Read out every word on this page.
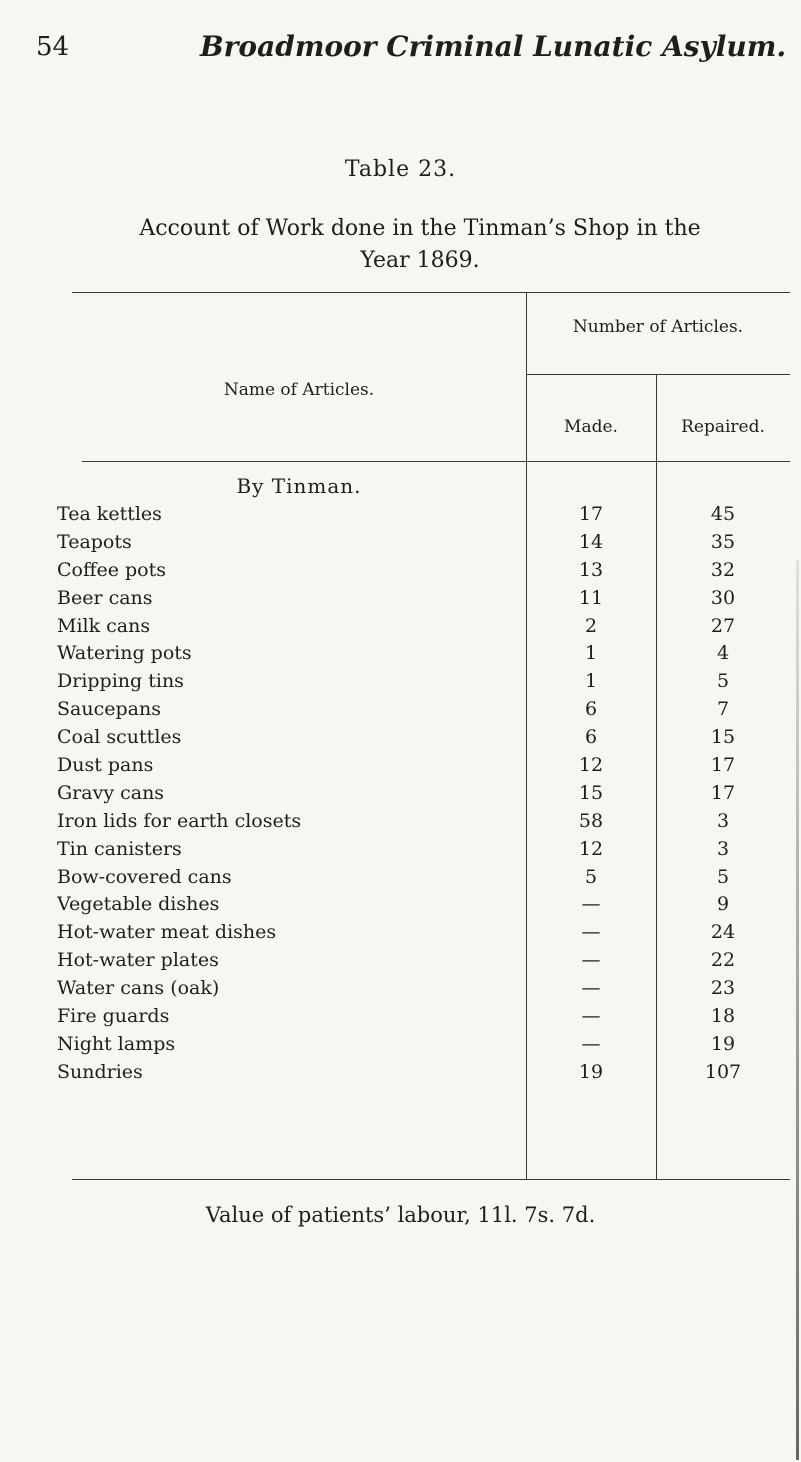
54	Broadmoor Criminal Lunatic Asylum.
Table 23.
Account of Work done in the Tinman’s Shop in the
Year 1869.
Name of Articles.
Number of Articles.
Made.	Repaired.
By Tinman.
Tea kettles	17	45
Teapots	14	35
Coffee pots	13	32
Beer cans	11	30
Milk cans	2	27
Watering pots	1	4
Dripping tins	1	5
Saucepans	6	7
Coal scuttles	6	15
Dust pans	12	17
Gravy cans	15	17
Iron lids for earth closets	58	3
Tin canisters	12	3
Bow-covered cans	5	5
Vegetable dishes	—	9
Hot-water meat dishes	—	24
Hot-water plates	—	22
Water cans (oak)	—	23
Fire guards	—	18
Night lamps	—	19
Sundries	19	107
Value of patients’ labour, 11l. 7s. 7d.
